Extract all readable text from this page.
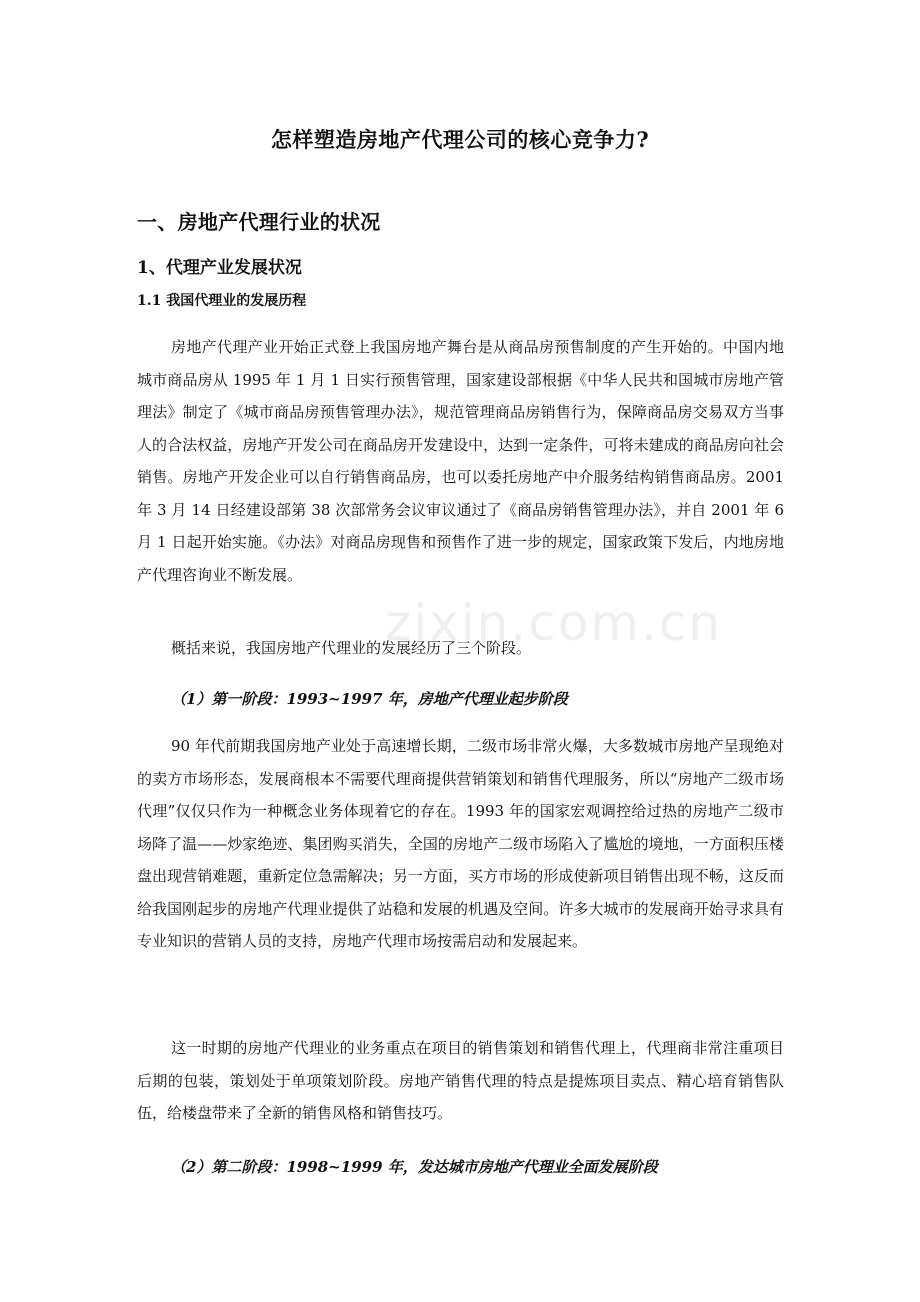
zixin.com.cn
怎样塑造房地产代理公司的核心竞争力?
一、房地产代理行业的状况
1、代理产业发展状况
1.1 我国代理业的发展历程

房地产代理产业开始正式登上我国房地产舞台是从商品房预售制度的产生开始的。中国内地城市商品房从 1995 年 1 月 1 日实行预售管理，国家建设部根据《中华人民共和国城市房地产管理法》制定了《城市商品房预售管理办法》，规范管理商品房销售行为，保障商品房交易双方当事人的合法权益，房地产开发公司在商品房开发建设中，达到一定条件，可将未建成的商品房向社会销售。房地产开发企业可以自行销售商品房，也可以委托房地产中介服务结构销售商品房。2001 年 3 月 14 日经建设部第 38 次部常务会议审议通过了《商品房销售管理办法》，并自 2001 年 6 月 1 日起开始实施。《办法》对商品房现售和预售作了进一步的规定，国家政策下发后，内地房地产代理咨询业不断发展。

概括来说，我国房地产代理业的发展经历了三个阶段。

（1）第一阶段：1993~1997 年，房地产代理业起步阶段

90 年代前期我国房地产业处于高速增长期，二级市场非常火爆，大多数城市房地产呈现绝对的卖方市场形态，发展商根本不需要代理商提供营销策划和销售代理服务，所以“房地产二级市场代理”仅仅只作为一种概念业务体现着它的存在。1993 年的国家宏观调控给过热的房地产二级市场降了温——炒家绝迹、集团购买消失，全国的房地产二级市场陷入了尴尬的境地，一方面积压楼盘出现营销难题，重新定位急需解决；另一方面，买方市场的形成使新项目销售出现不畅，这反而给我国刚起步的房地产代理业提供了站稳和发展的机遇及空间。许多大城市的发展商开始寻求具有专业知识的营销人员的支持，房地产代理市场按需启动和发展起来。

这一时期的房地产代理业的业务重点在项目的销售策划和销售代理上，代理商非常注重项目后期的包装，策划处于单项策划阶段。房地产销售代理的特点是提炼项目卖点、精心培育销售队伍，给楼盘带来了全新的销售风格和销售技巧。

（2）第二阶段：1998~1999 年，发达城市房地产代理业全面发展阶段
